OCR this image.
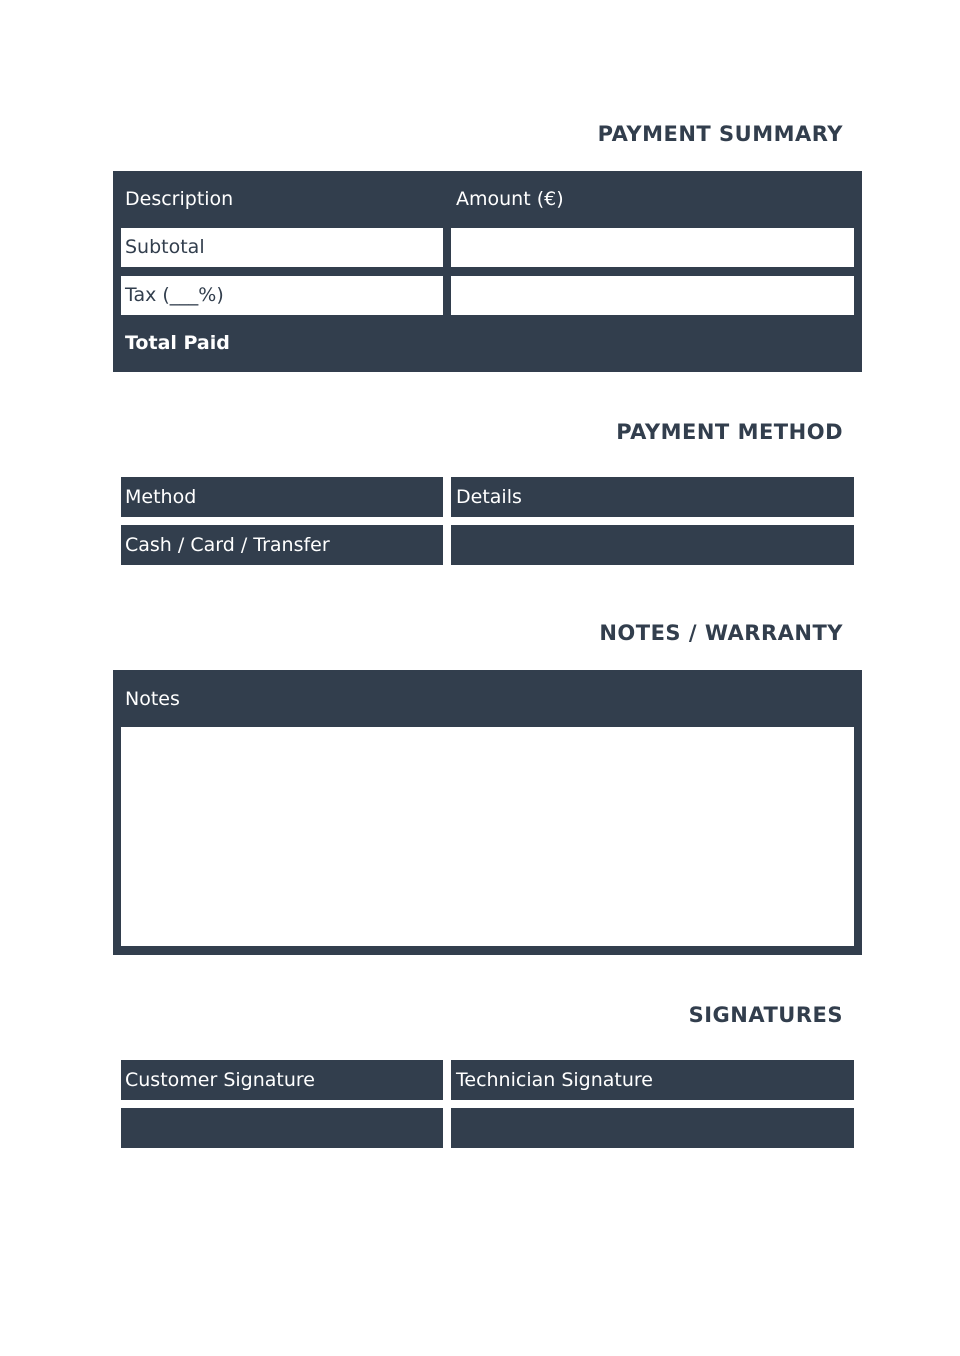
PAYMENT SUMMARY
Description	Amount (€)
Subtotal
Tax (___%)
Total Paid
PAYMENT METHOD
Method	Details
Cash / Card / Transfer
NOTES / WARRANTY
Notes
SIGNATURES
Customer Signature	Technician Signature
